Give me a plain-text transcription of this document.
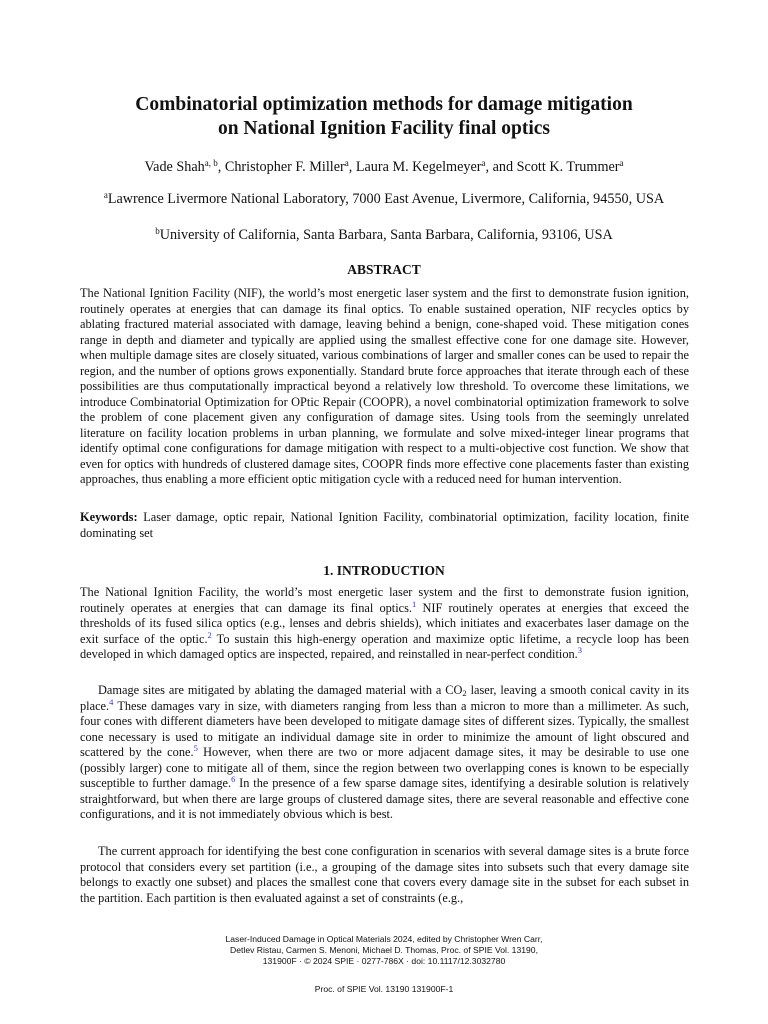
Combinatorial optimization methods for damage mitigation
on National Ignition Facility final optics
Vade Shah$^{a, b}$, Christopher F. Miller$^a$, Laura M. Kegelmeyer$^a$, and Scott K. Trummer$^a$
$^a$Lawrence Livermore National Laboratory, 7000 East Avenue, Livermore, California, 94550, USA
$^b$University of California, Santa Barbara, Santa Barbara, California, 93106, USA
ABSTRACT
The National Ignition Facility (NIF), the world’s most energetic laser system and the first to demonstrate fusion ignition, routinely operates at energies that can damage its final optics. To enable sustained operation, NIF recycles optics by ablating fractured material associated with damage, leaving behind a benign, cone-shaped void. These mitigation cones range in depth and diameter and typically are applied using the smallest effective cone for one damage site. However, when multiple damage sites are closely situated, various combinations of larger and smaller cones can be used to repair the region, and the number of options grows exponentially. Standard brute force approaches that iterate through each of these possibilities are thus computationally impractical beyond a relatively low threshold. To overcome these limitations, we introduce Combinatorial Optimization for OPtic Repair (COOPR), a novel combinatorial optimization framework to solve the problem of cone placement given any configuration of damage sites. Using tools from the seemingly unrelated literature on facility location problems in urban planning, we formulate and solve mixed-integer linear programs that identify optimal cone configurations for damage mitigation with respect to a multi-objective cost function. We show that even for optics with hundreds of clustered damage sites, COOPR finds more effective cone placements faster than existing approaches, thus enabling a more efficient optic mitigation cycle with a reduced need for human intervention.
Keywords: Laser damage, optic repair, National Ignition Facility, combinatorial optimization, facility location, finite dominating set
1. INTRODUCTION
The National Ignition Facility, the world’s most energetic laser system and the first to demonstrate fusion ignition, routinely operates at energies that can damage its final optics.$^1$ NIF routinely operates at energies that exceed the thresholds of its fused silica optics (e.g., lenses and debris shields), which initiates and exacerbates laser damage on the exit surface of the optic.$^2$ To sustain this high-energy operation and maximize optic lifetime, a recycle loop has been developed in which damaged optics are inspected, repaired, and reinstalled in near-perfect condition.$^3$
Damage sites are mitigated by ablating the damaged material with a $CO_2$ laser, leaving a smooth conical cavity in its place.$^4$ These damages vary in size, with diameters ranging from less than a micron to more than a millimeter. As such, four cones with different diameters have been developed to mitigate damage sites of different sizes. Typically, the smallest cone necessary is used to mitigate an individual damage site in order to minimize the amount of light obscured and scattered by the cone.$^5$ However, when there are two or more adjacent damage sites, it may be desirable to use one (possibly larger) cone to mitigate all of them, since the region between two overlapping cones is known to be especially susceptible to further damage.$^6$ In the presence of a few sparse damage sites, identifying a desirable solution is relatively straightforward, but when there are large groups of clustered damage sites, there are several reasonable and effective cone configurations, and it is not immediately obvious which is best.
The current approach for identifying the best cone configuration in scenarios with several damage sites is a brute force protocol that considers every set partition (i.e., a grouping of the damage sites into subsets such that every damage site belongs to exactly one subset) and places the smallest cone that covers every damage site in the subset for each subset in the partition. Each partition is then evaluated against a set of constraints (e.g.,
Laser-Induced Damage in Optical Materials 2024, edited by Christopher Wren Carr,
Detlev Ristau, Carmen S. Menoni, Michael D. Thomas, Proc. of SPIE Vol. 13190,
131900F · © 2024 SPIE · 0277-786X · doi: 10.1117/12.3032780
Proc. of SPIE Vol. 13190 131900F-1
